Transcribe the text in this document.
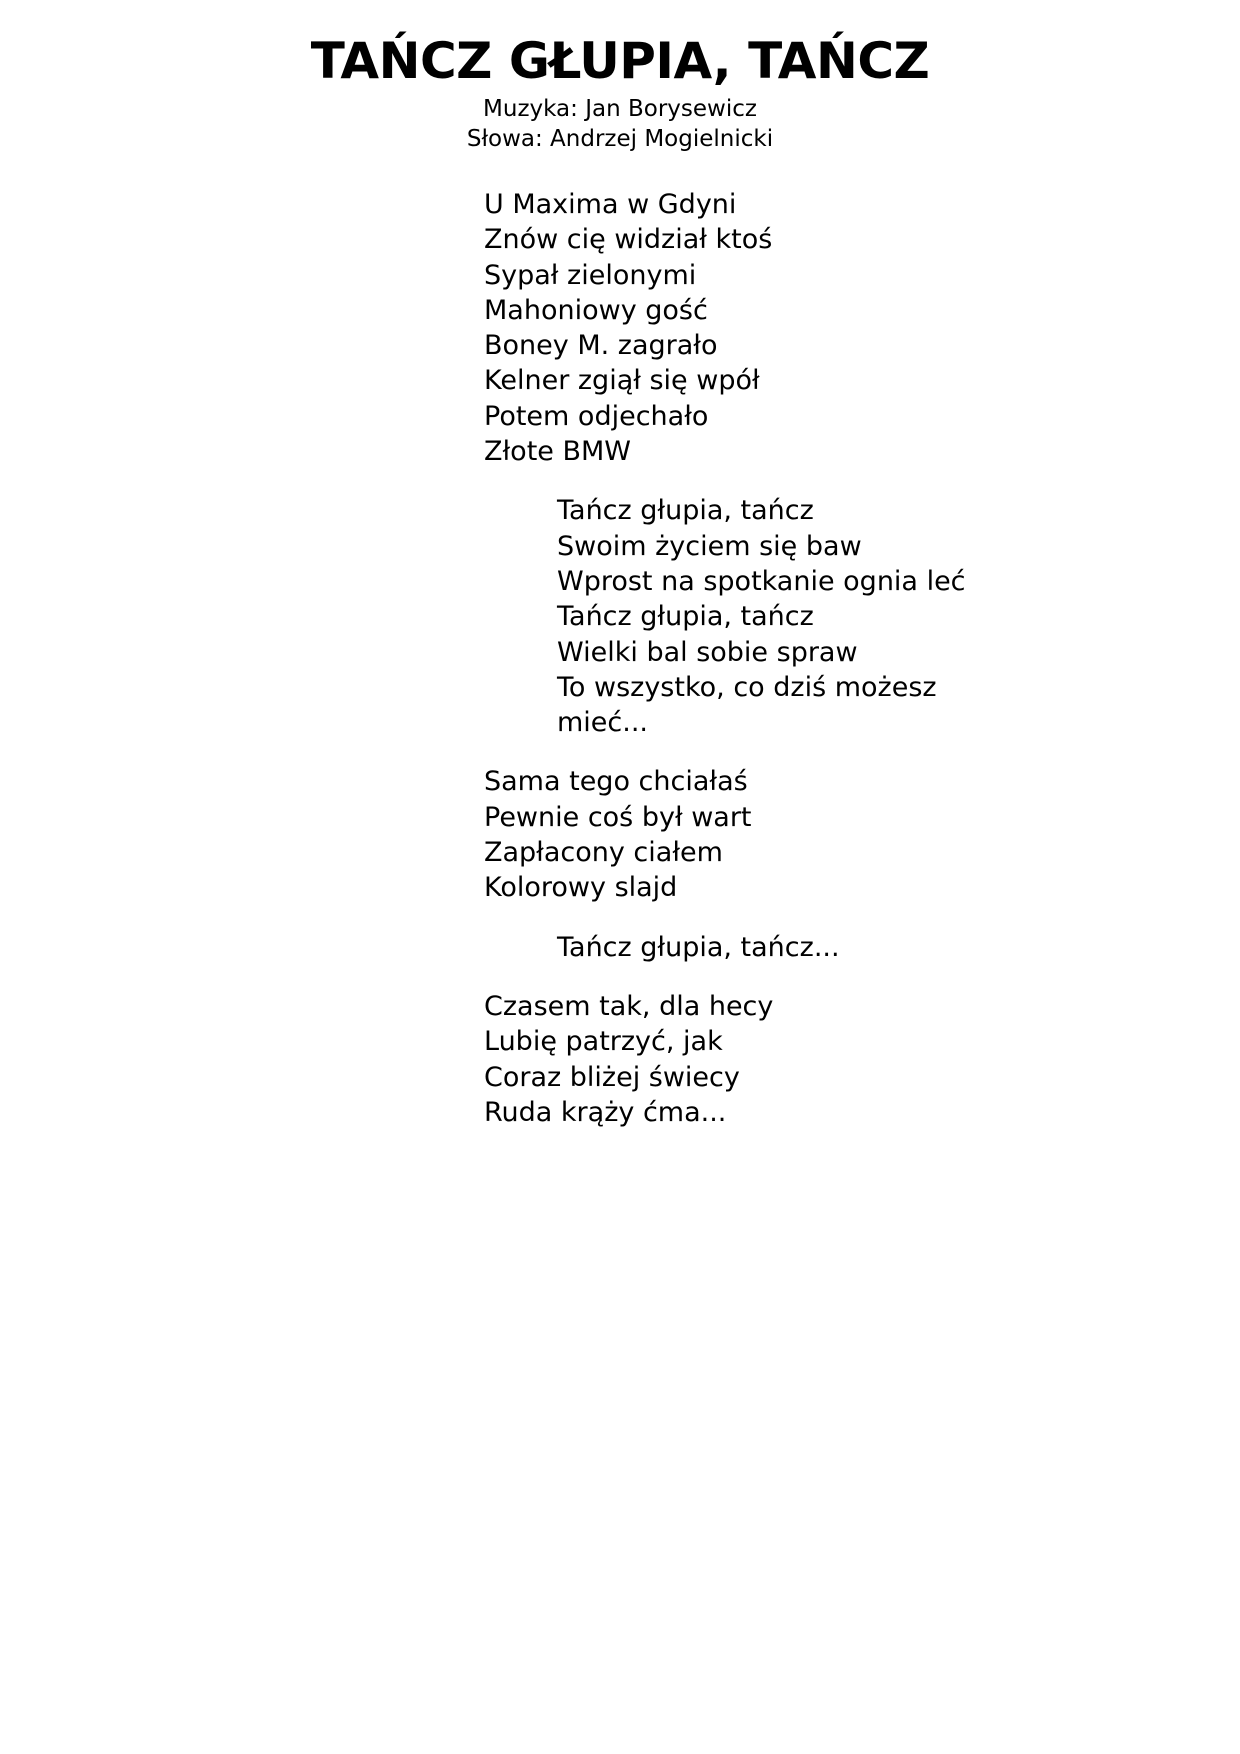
TAŃCZ GŁUPIA, TAŃCZ

Muzyka: Jan Borysewicz

Słowa: Andrzej Mogielnicki

U Maxima w Gdyni
Znów cię widział ktoś
Sypał zielonymi
Mahoniowy gość
Boney M. zagrało
Kelner zgiął się wpół
Potem odjechało
Złote BMW
Tańcz głupia, tańcz
Swoim życiem się baw
Wprost na spotkanie ognia leć
Tańcz głupia, tańcz
Wielki bal sobie spraw
To wszystko, co dziś możesz
mieć...
Sama tego chciałaś
Pewnie coś był wart
Zapłacony ciałem
Kolorowy slajd
Tańcz głupia, tańcz...
Czasem tak, dla hecy
Lubię patrzyć, jak
Coraz bliżej świecy
Ruda krąży ćma...
